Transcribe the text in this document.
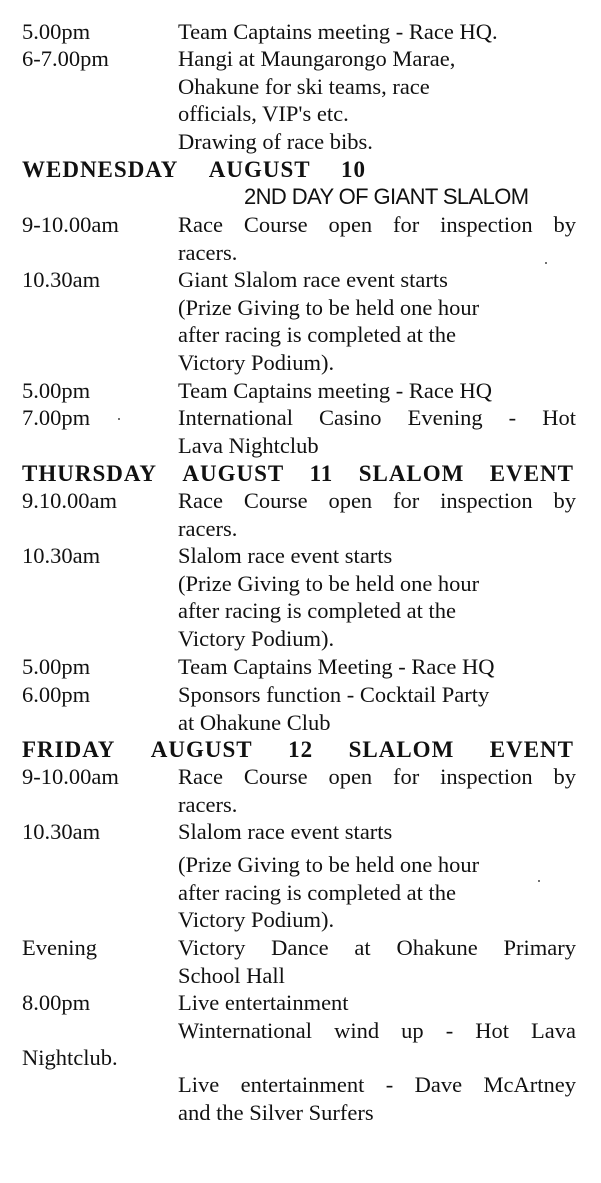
5.00pm	Team Captains meeting - Race HQ.
6-7.00pm	Hangi at Maungarongo Marae,
Ohakune for ski teams, race
officials, VIP's etc.
Drawing of race bibs.
WEDNESDAY AUGUST 10
2ND DAY OF GIANT SLALOM
9-10.00am	Race Course open for inspection by
racers.
10.30am	Giant Slalom race event starts
(Prize Giving to be held one hour
after racing is completed at the
Victory Podium).
5.00pm	Team Captains meeting - Race HQ
7.00pm	International Casino Evening - Hot
Lava Nightclub
THURSDAY AUGUST 11 SLALOM EVENT
9.10.00am	Race Course open for inspection by
racers.
10.30am	Slalom race event starts
(Prize Giving to be held one hour
after racing is completed at the
Victory Podium).
5.00pm	Team Captains Meeting - Race HQ
6.00pm	Sponsors function - Cocktail Party
at Ohakune Club
FRIDAY AUGUST 12 SLALOM EVENT
9-10.00am	Race Course open for inspection by
racers.
10.30am	Slalom race event starts
(Prize Giving to be held one hour
after racing is completed at the
Victory Podium).
Evening	Victory Dance at Ohakune Primary
School Hall
8.00pm	Live entertainment
Winternational wind up - Hot Lava
Nightclub.
Live entertainment - Dave McArtney
and the Silver Surfers
